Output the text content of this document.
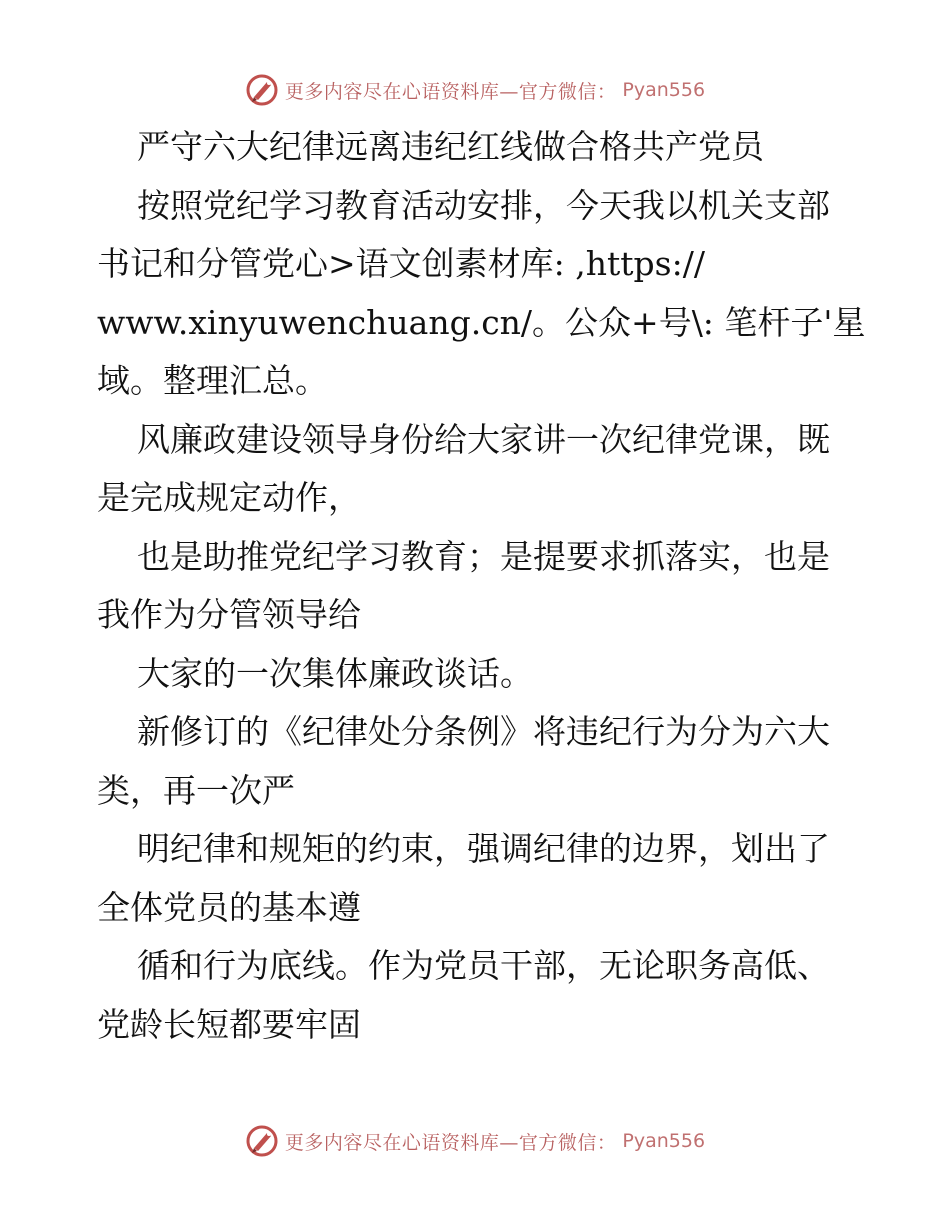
更多内容尽在心语资料库—官方微信： Pyan556
严守六大纪律远离违纪红线做合格共产党员
按照党纪学习教育活动安排，今天我以机关支部
书记和分管党心>语文创素材库: ,https://
www.xinyuwenchuang.cn/。公众+号\: 笔杆子'星
域。整理汇总。
风廉政建设领导身份给大家讲一次纪律党课，既
是完成规定动作，
也是助推党纪学习教育；是提要求抓落实，也是
我作为分管领导给
大家的一次集体廉政谈话。
新修订的《纪律处分条例》将违纪行为分为六大
类，再一次严
明纪律和规矩的约束，强调纪律的边界，划出了
全体党员的基本遵
循和行为底线。作为党员干部，无论职务高低、
党龄长短都要牢固
更多内容尽在心语资料库—官方微信： Pyan556
